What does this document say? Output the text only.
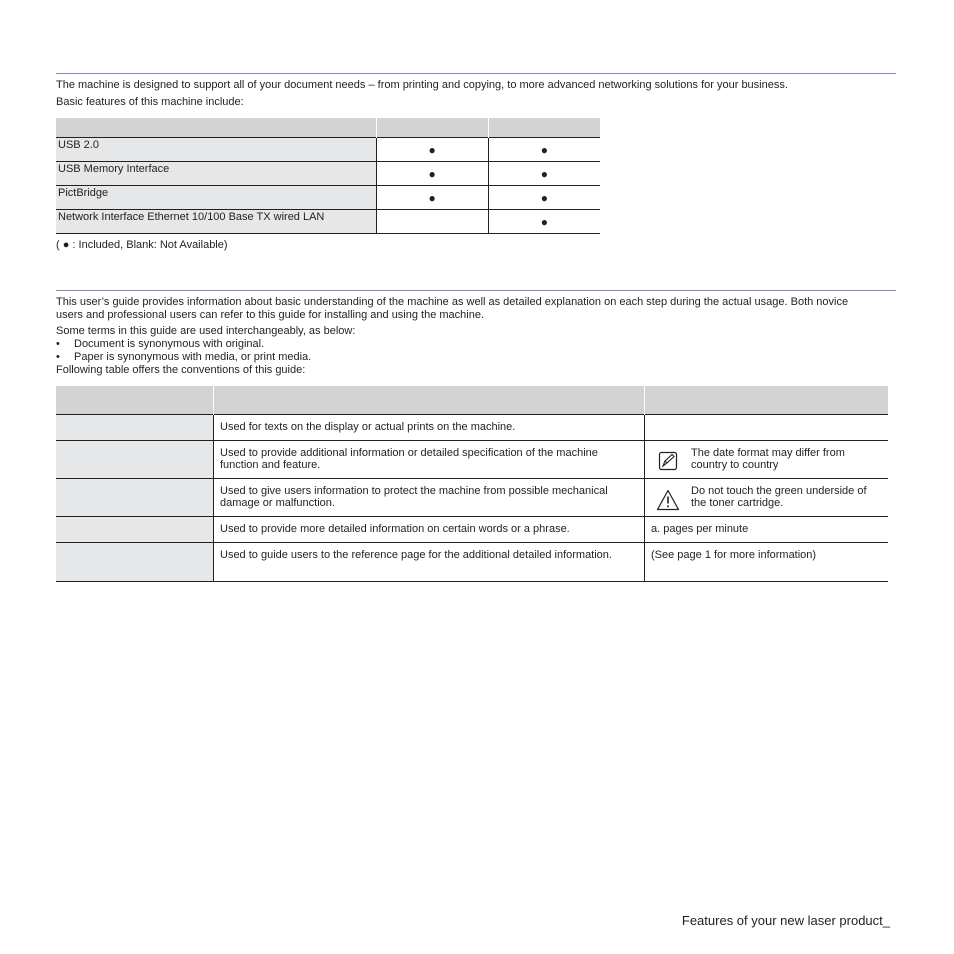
The machine is designed to support all of your document needs – from printing and copying, to more advanced networking solutions for your business.
Basic features of this machine include:

USB 2.0	●	●
USB Memory Interface	●	●
PictBridge	●	●
Network Interface Ethernet 10/100 Base TX wired LAN		●
( ● : Included, Blank: Not Available)
This user’s guide provides information about basic understanding of the machine as well as detailed explanation on each step during the actual usage. Both novice
users and professional users can refer to this guide for installing and using the machine.
Some terms in this guide are used interchangeably, as below:
• Document is synonymous with original.
• Paper is synonymous with media, or print media.
Following table offers the conventions of this guide:

	Used for texts on the display or actual prints on the machine.	
	Used to provide additional information or detailed specification of the machine function and feature.	The date format may differ from country to country

	Used to give users information to protect the machine from possible mechanical damage or malfunction.	Do not touch the green underside of the toner cartridge.

	Used to provide more detailed information on certain words or a phrase.	a. pages per minute
	Used to guide users to the reference page for the additional detailed information.	(See page 1 for more information)
Features of your new laser product_
